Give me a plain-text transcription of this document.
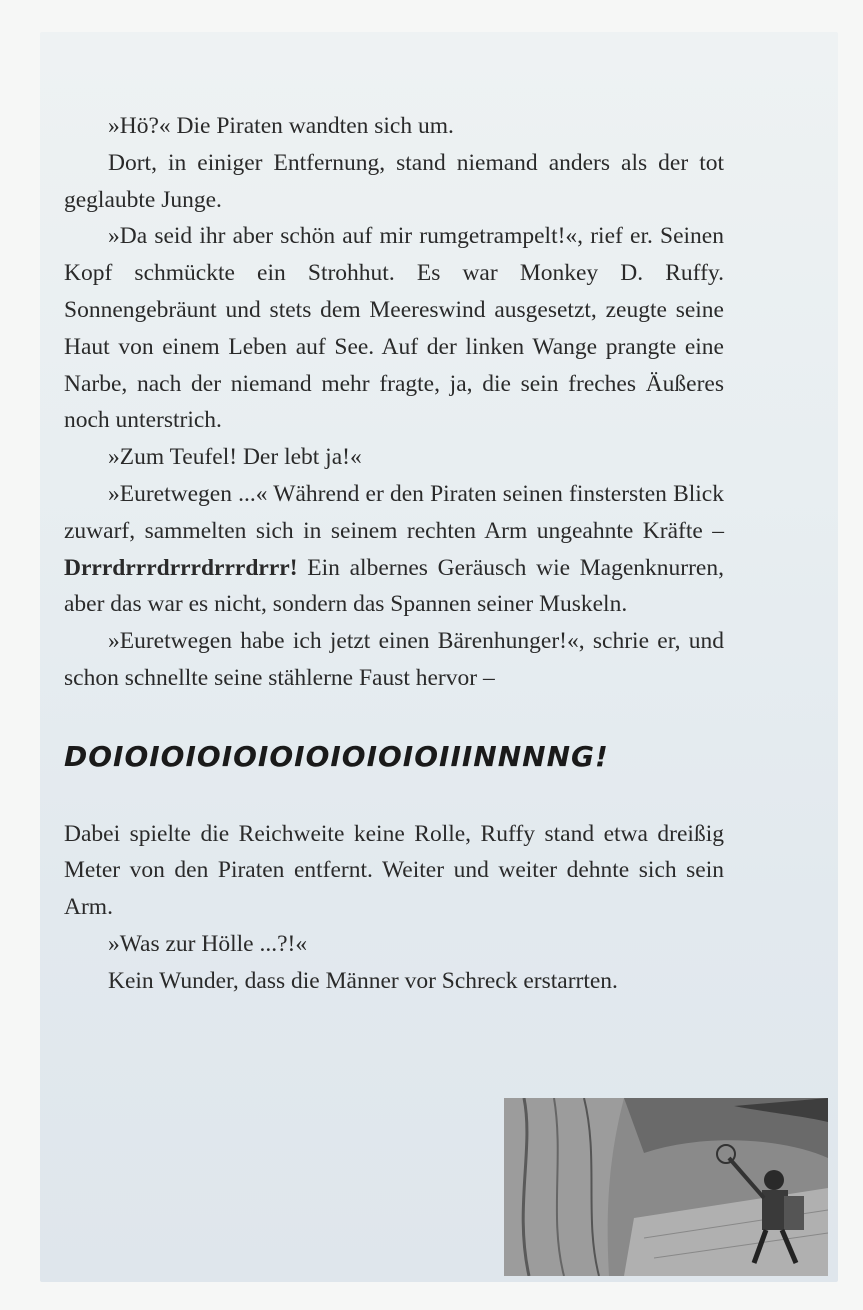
»Hö?« Die Piraten wandten sich um.

Dort, in einiger Entfernung, stand niemand anders als der tot geglaubte Junge.

»Da seid ihr aber schön auf mir rumgetrampelt!«, rief er. Seinen Kopf schmückte ein Strohhut. Es war Monkey D. Ruffy. Sonnengebräunt und stets dem Meereswind ausgesetzt, zeugte seine Haut von einem Leben auf See. Auf der linken Wange prangte eine Narbe, nach der niemand mehr fragte, ja, die sein freches Äußeres noch unterstrich.

»Zum Teufel! Der lebt ja!«

»Euretwegen ...« Während er den Piraten seinen finstersten Blick zuwarf, sammelten sich in seinem rechten Arm ungeahnte Kräfte – Drrrdrrrdrrrdrrrdrrr! Ein albernes Geräusch wie Magenknurren, aber das war es nicht, sondern das Spannen seiner Muskeln.

»Euretwegen habe ich jetzt einen Bärenhunger!«, schrie er, und schon schnellte seine stählerne Faust hervor –

DOIOIOIOIOIOIOIOIOIOIIINNNNG!

Dabei spielte die Reichweite keine Rolle, Ruffy stand etwa dreißig Meter von den Piraten entfernt. Weiter und weiter dehnte sich sein Arm.

»Was zur Hölle ...?!«

Kein Wunder, dass die Männer vor Schreck erstarrten.
